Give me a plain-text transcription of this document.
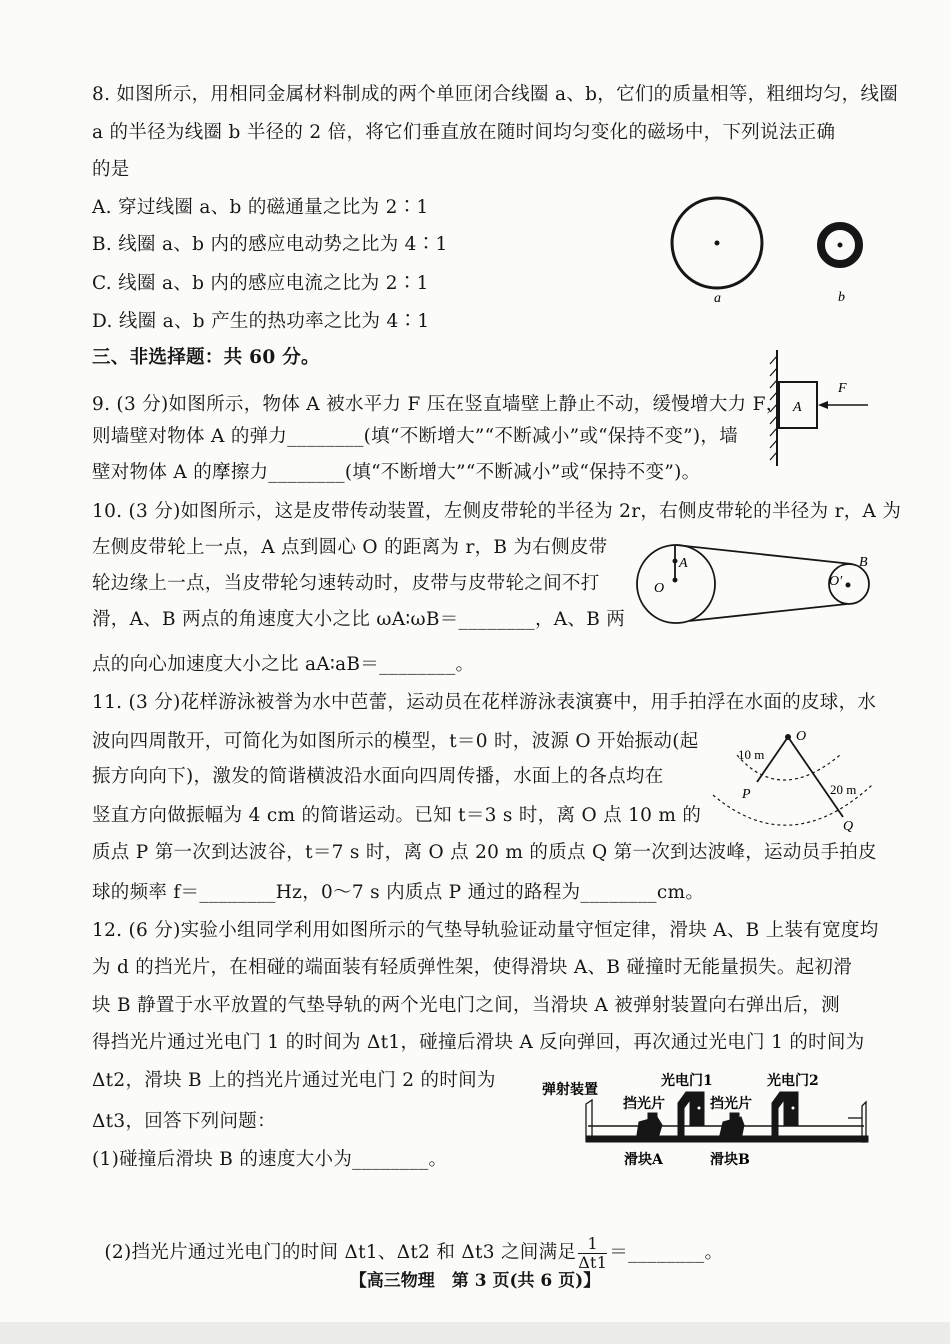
8. 如图所示，用相同金属材料制成的两个单匝闭合线圈 a、b，它们的质量相等，粗细均匀，线圈
a 的半径为线圈 b 半径的 2 倍，将它们垂直放在随时间均匀变化的磁场中，下列说法正确
的是
A. 穿过线圈 a、b 的磁通量之比为 2∶1
B. 线圈 a、b 内的感应电动势之比为 4∶1
C. 线圈 a、b 内的感应电流之比为 2∶1
D. 线圈 a、b 产生的热功率之比为 4∶1
a	b
A
F
A
O	O′
B
O
P
Q
10 m
20 m
弹射装置
光电门1	光电门2
挡光片	挡光片
滑块A	滑块B
三、非选择题：共 60 分。
9. (3 分)如图所示，物体 A 被水平力 F 压在竖直墙壁上静止不动，缓慢增大力 F，
则墙壁对物体 A 的弹力________(填“不断增大”“不断减小”或“保持不变”)，墙
壁对物体 A 的摩擦力________(填“不断增大”“不断减小”或“保持不变”)。
10. (3 分)如图所示，这是皮带传动装置，左侧皮带轮的半径为 2r，右侧皮带轮的半径为 r，A 为
左侧皮带轮上一点，A 点到圆心 O 的距离为 r，B 为右侧皮带
轮边缘上一点，当皮带轮匀速转动时，皮带与皮带轮之间不打
滑，A、B 两点的角速度大小之比 ωA∶ωB＝________，A、B 两
点的向心加速度大小之比 aA∶aB＝________。
11. (3 分)花样游泳被誉为水中芭蕾，运动员在花样游泳表演赛中，用手拍浮在水面的皮球，水
波向四周散开，可简化为如图所示的模型，t＝0 时，波源 O 开始振动(起
振方向向下)，激发的简谐横波沿水面向四周传播，水面上的各点均在
竖直方向做振幅为 4 cm 的简谐运动。已知 t＝3 s 时，离 O 点 10 m 的
质点 P 第一次到达波谷，t＝7 s 时，离 O 点 20 m 的质点 Q 第一次到达波峰，运动员手拍皮
球的频率 f＝________Hz，0～7 s 内质点 P 通过的路程为________cm。
12. (6 分)实验小组同学利用如图所示的气垫导轨验证动量守恒定律，滑块 A、B 上装有宽度均
为 d 的挡光片，在相碰的端面装有轻质弹性架，使得滑块 A、B 碰撞时无能量损失。起初滑
块 B 静置于水平放置的气垫导轨的两个光电门之间，当滑块 A 被弹射装置向右弹出后，测
得挡光片通过光电门 1 的时间为 Δt1，碰撞后滑块 A 反向弹回，再次通过光电门 1 的时间为
Δt2，滑块 B 上的挡光片通过光电门 2 的时间为
Δt3，回答下列问题：
(1)碰撞后滑块 B 的速度大小为________。

(2)挡光片通过光电门的时间 Δt1、Δt2 和 Δt3 之间满足 $\frac{1}{\Delta t1}$ ＝________。

【高三物理　第 3 页(共 6 页)】
